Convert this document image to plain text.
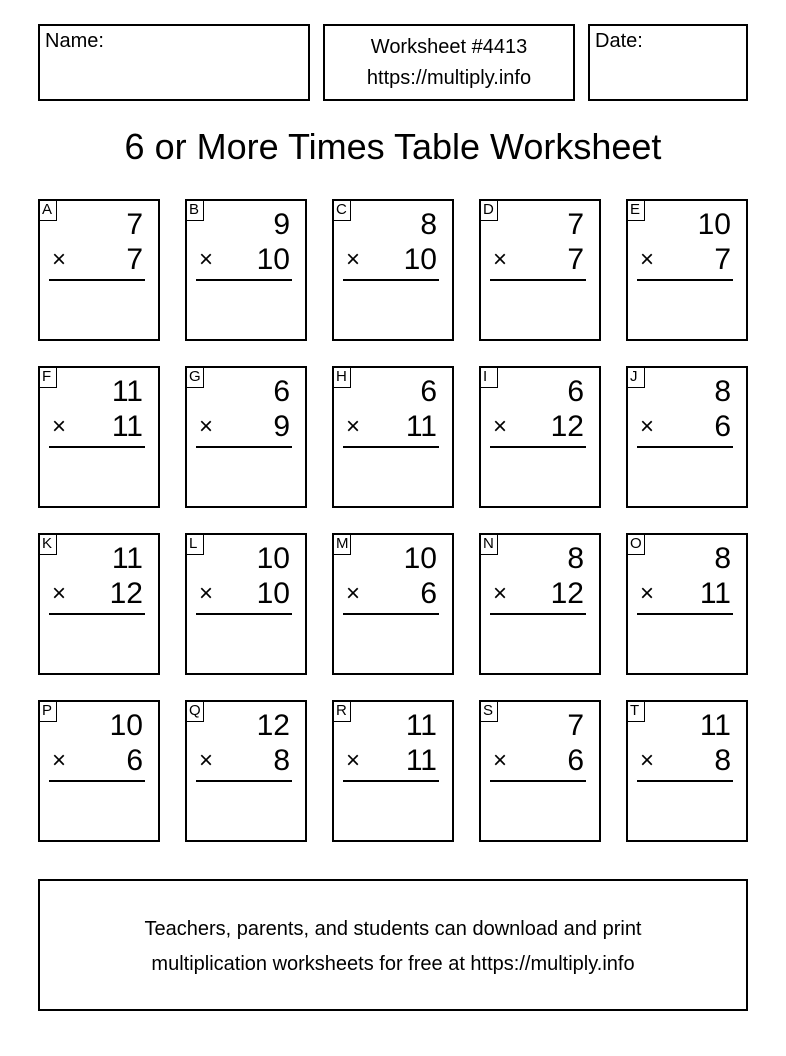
Name:	Worksheet #4413
https://multiply.info
Date:
6 or More Times Table Worksheet
A 7
× 7
B 9
× 10
C 8
× 10
D 7
× 7
E 10
× 7
F 11
× 11
G 6
× 9
H 6
× 11
I	6
× 12
J	8
× 6
K 11
× 12
L 10
× 10
M 10
× 6
N 8
× 12
O 8
× 11
P 10
× 6
Q 12
× 8
R 11
× 11
S 7
× 6
T 11
× 8
Teachers, parents, and students can download and print
multiplication worksheets for free at https://multiply.info
